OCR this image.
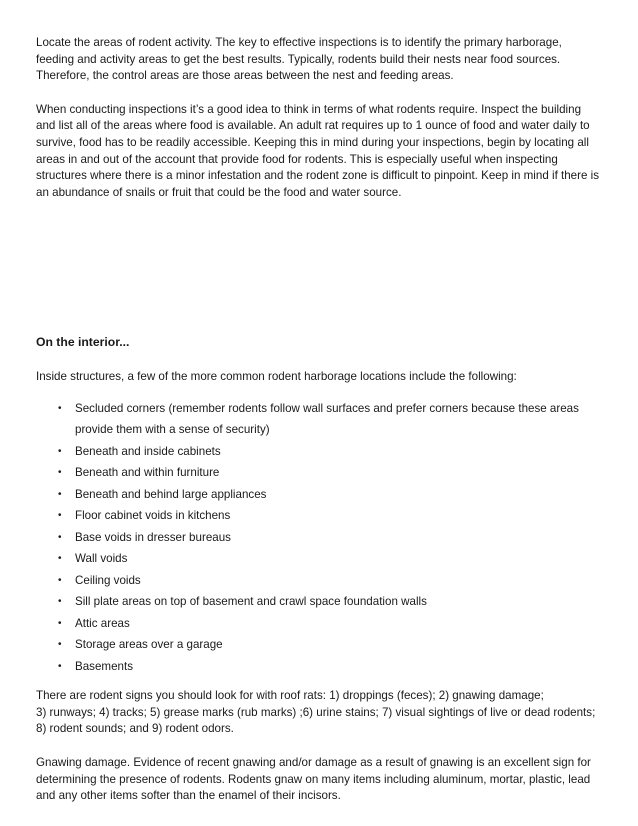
Locate the areas of rodent activity. The key to effective inspections is to identify the primary harborage, feeding and activity areas to get the best results. Typically, rodents build their nests near food sources. Therefore, the control areas are those areas between the nest and feeding areas.

When conducting inspections it’s a good idea to think in terms of what rodents require. Inspect the building and list all of the areas where food is available. An adult rat requires up to 1 ounce of food and water daily to survive, food has to be readily accessible. Keeping this in mind during your inspections, begin by locating all areas in and out of the account that provide food for rodents. This is especially useful when inspecting structures where there is a minor infestation and the rodent zone is difficult to pinpoint. Keep in mind if there is an abundance of snails or fruit that could be the food and water source.

On the interior...

Inside structures, a few of the more common rodent harborage locations include the following:

• Secluded corners (remember rodents follow wall surfaces and prefer corners because these areas provide them with a sense of security)
• Beneath and inside cabinets
• Beneath and within furniture
• Beneath and behind large appliances
• Floor cabinet voids in kitchens
• Base voids in dresser bureaus
• Wall voids
• Ceiling voids
• Sill plate areas on top of basement and crawl space foundation walls
• Attic areas
• Storage areas over a garage
• Basements

There are rodent signs you should look for with roof rats: 1) droppings (feces); 2) gnawing damage;
3) runways; 4) tracks; 5) grease marks (rub marks) ;6) urine stains; 7) visual sightings of live or dead rodents;
8) rodent sounds; and 9) rodent odors.

Gnawing damage. Evidence of recent gnawing and/or damage as a result of gnawing is an excellent sign for determining the presence of rodents. Rodents gnaw on many items including aluminum, mortar, plastic, lead and any other items softer than the enamel of their incisors.
